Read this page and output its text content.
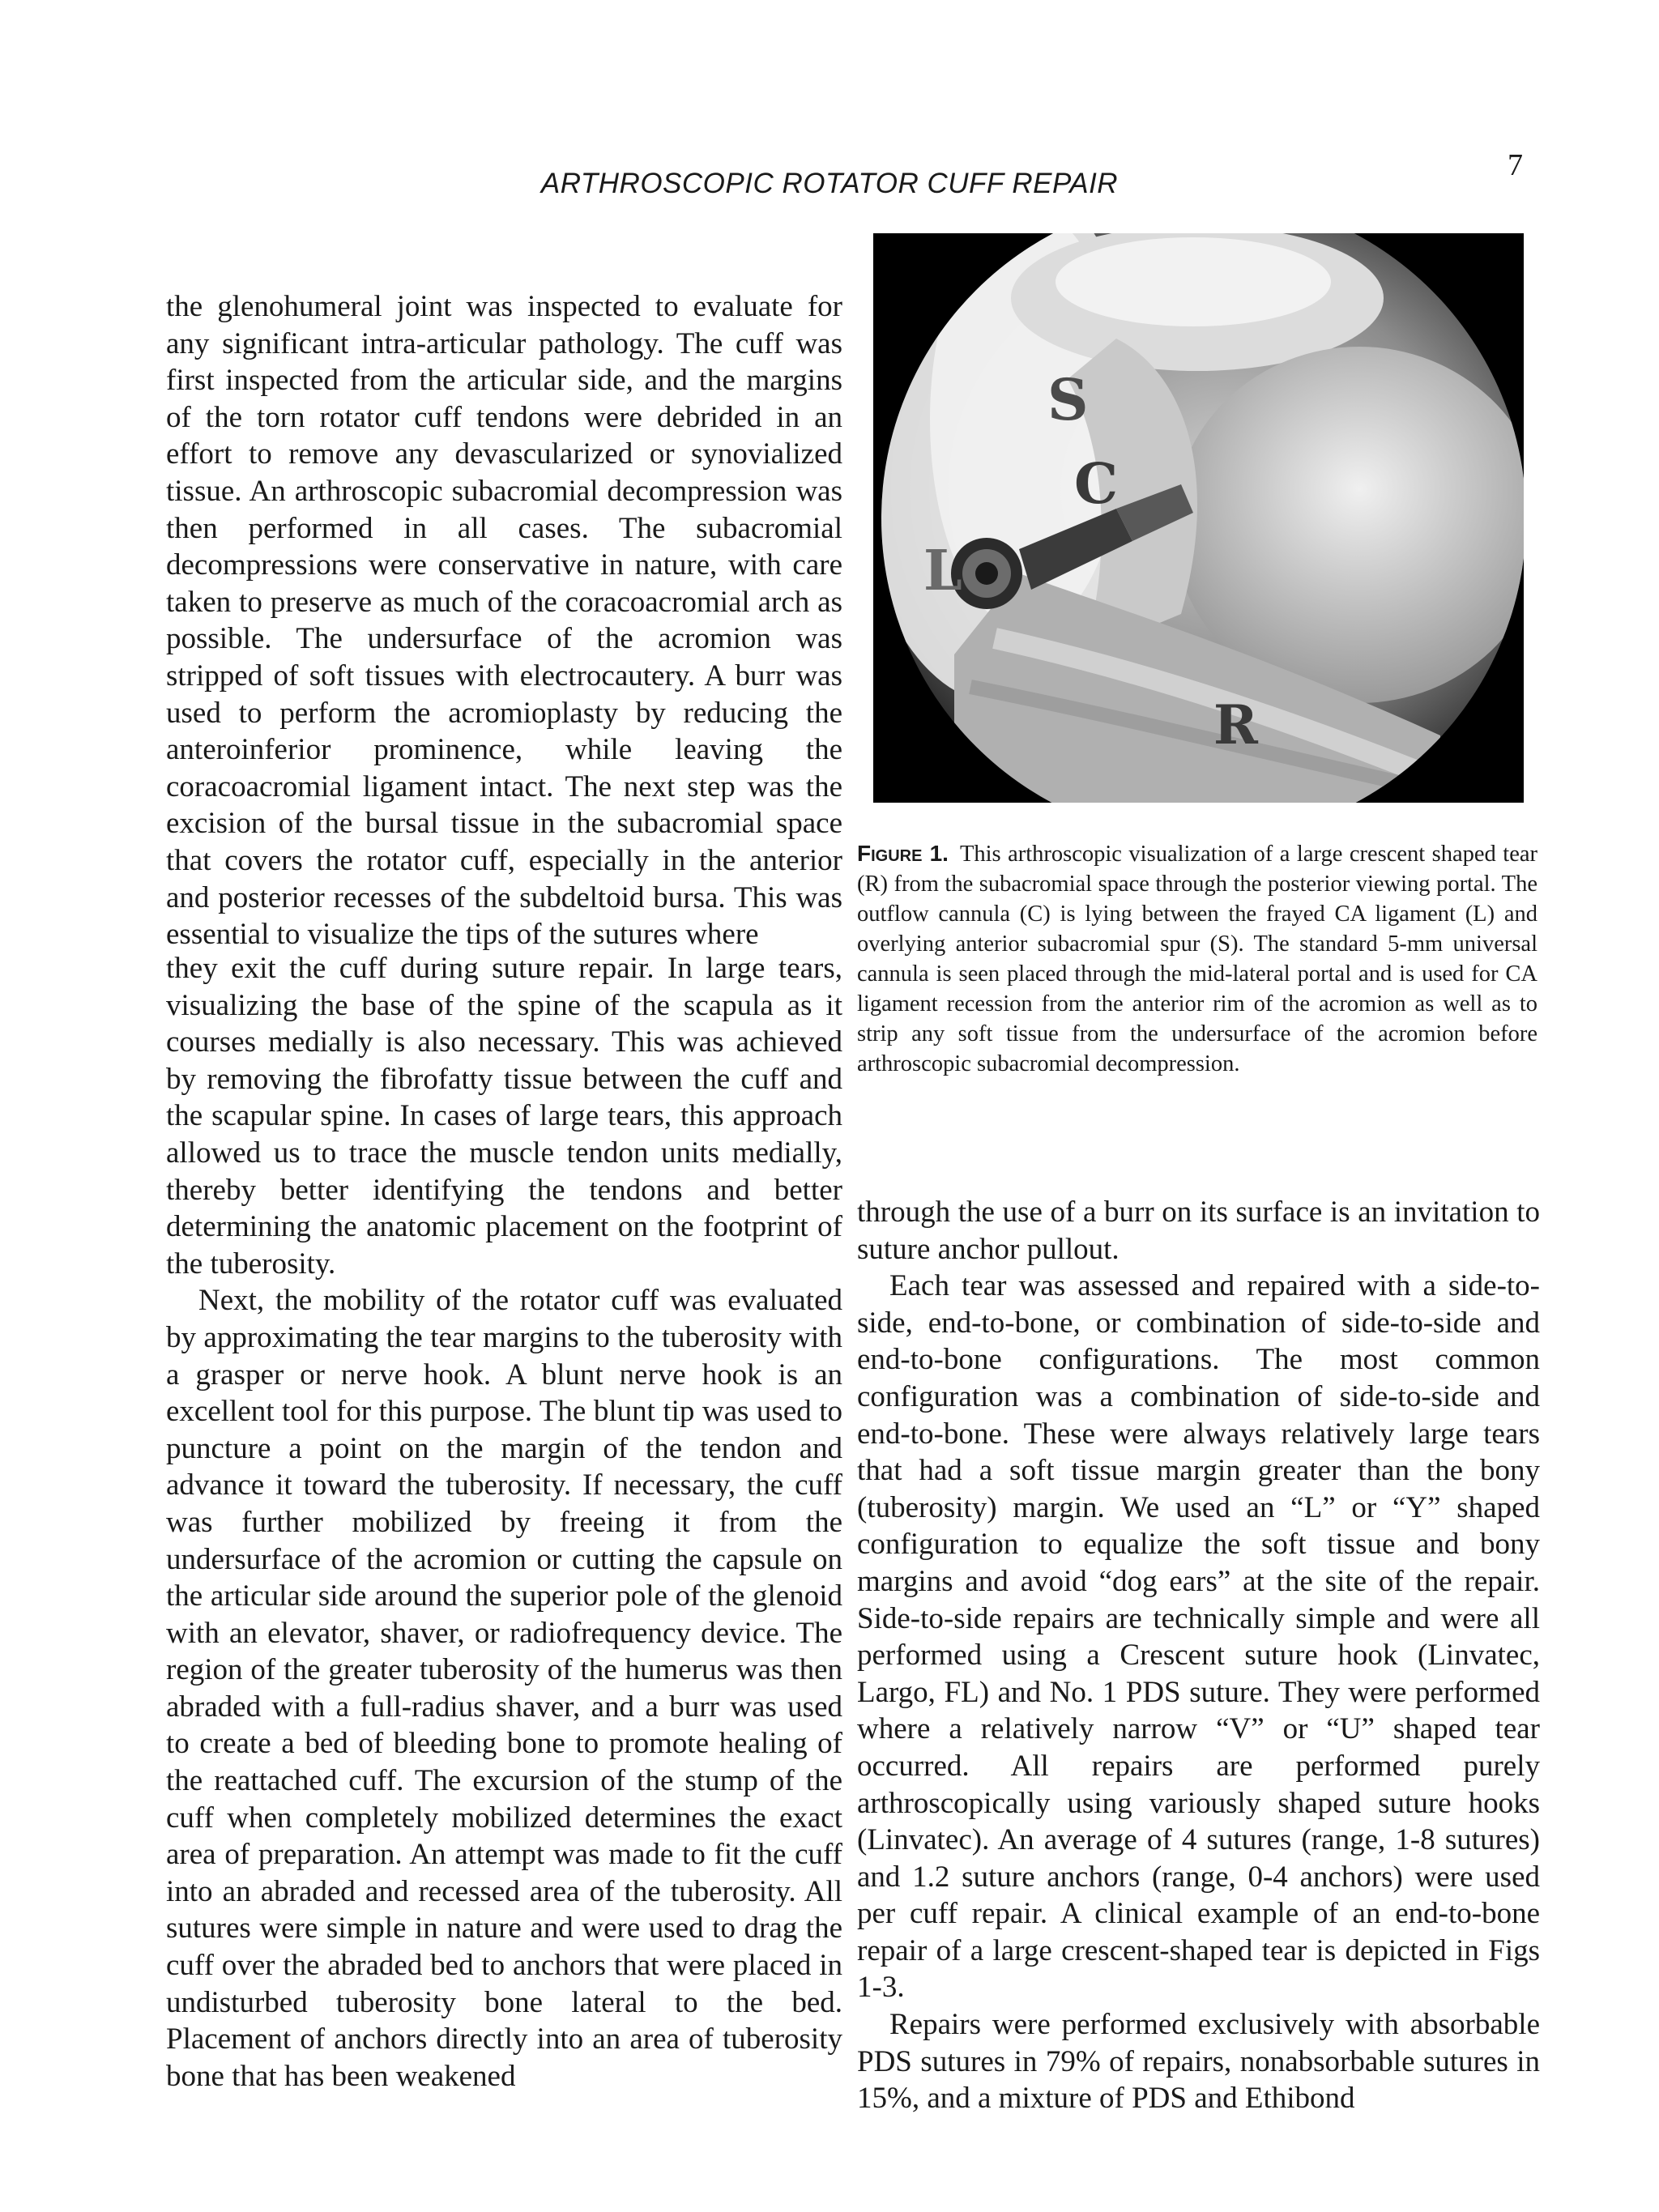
ARTHROSCOPIC ROTATOR CUFF REPAIR
7

the glenohumeral joint was inspected to evaluate for any significant intra-articular pathology. The cuff was first inspected from the articular side, and the margins of the torn rotator cuff tendons were debrided in an effort to remove any devascularized or synovialized tissue. An arthroscopic subacromial decompression was then performed in all cases. The subacromial decompressions were conservative in nature, with care taken to preserve as much of the coracoacromial arch as possible. The undersurface of the acromion was stripped of soft tissues with electrocautery. A burr was used to perform the acromioplasty by reducing the anteroinferior prominence, while leaving the coracoacromial ligament intact. The next step was the excision of the bursal tissue in the subacromial space that covers the rotator cuff, especially in the anterior and posterior recesses of the subdeltoid bursa. This was essential to visualize the tips of the sutures where

they exit the cuff during suture repair. In large tears, visualizing the base of the spine of the scapula as it courses medially is also necessary. This was achieved by removing the fibrofatty tissue between the cuff and the scapular spine. In cases of large tears, this approach allowed us to trace the muscle tendon units medially, thereby better identifying the tendons and better determining the anatomic placement on the footprint of the tuberosity.

Next, the mobility of the rotator cuff was evaluated by approximating the tear margins to the tuberosity with a grasper or nerve hook. A blunt nerve hook is an excellent tool for this purpose. The blunt tip was used to puncture a point on the margin of the tendon and advance it toward the tuberosity. If necessary, the cuff was further mobilized by freeing it from the undersurface of the acromion or cutting the capsule on the articular side around the superior pole of the glenoid with an elevator, shaver, or radiofrequency device. The region of the greater tuberosity of the humerus was then abraded with a full-radius shaver, and a burr was used to create a bed of bleeding bone to promote healing of the reattached cuff. The excursion of the stump of the cuff when completely mobilized determines the exact area of preparation. An attempt was made to fit the cuff into an abraded and recessed area of the tuberosity. All sutures were simple in nature and were used to drag the cuff over the abraded bed to anchors that were placed in undisturbed tuberosity bone lateral to the bed. Placement of anchors directly into an area of tuberosity bone that has been weakened

S
C
L
R

Figure 1. This arthroscopic visualization of a large crescent shaped tear (R) from the subacromial space through the posterior viewing portal. The outflow cannula (C) is lying between the frayed CA ligament (L) and overlying anterior subacromial spur (S). The standard 5-mm universal cannula is seen placed through the mid-lateral portal and is used for CA ligament recession from the anterior rim of the acromion as well as to strip any soft tissue from the undersurface of the acromion before arthroscopic subacromial decompression.

through the use of a burr on its surface is an invitation to suture anchor pullout.

Each tear was assessed and repaired with a side-to-side, end-to-bone, or combination of side-to-side and end-to-bone configurations. The most common configuration was a combination of side-to-side and end-to-bone. These were always relatively large tears that had a soft tissue margin greater than the bony (tuberosity) margin. We used an “L” or “Y” shaped configuration to equalize the soft tissue and bony margins and avoid “dog ears” at the site of the repair. Side-to-side repairs are technically simple and were all performed using a Crescent suture hook (Linvatec, Largo, FL) and No. 1 PDS suture. They were performed where a relatively narrow “V” or “U” shaped tear occurred. All repairs are performed purely arthroscopically using variously shaped suture hooks (Linvatec). An average of 4 sutures (range, 1-8 sutures) and 1.2 suture anchors (range, 0-4 anchors) were used per cuff repair. A clinical example of an end-to-bone repair of a large crescent-shaped tear is depicted in Figs 1-3.

Repairs were performed exclusively with absorbable PDS sutures in 79% of repairs, nonabsorbable sutures in 15%, and a mixture of PDS and Ethibond
